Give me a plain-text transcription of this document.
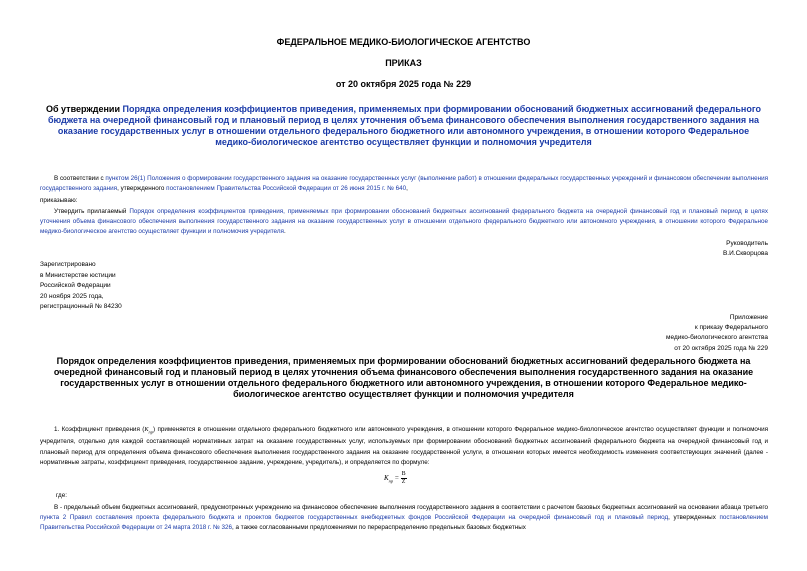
ФЕДЕРАЛЬНОЕ МЕДИКО-БИОЛОГИЧЕСКОЕ АГЕНТСТВО
ПРИКАЗ
от 20 октября 2025 года № 229
Об утверждении Порядка определения коэффициентов приведения, применяемых при формировании обоснований бюджетных ассигнований федерального бюджета на очередной финансовый год и плановый период в целях уточнения объема финансового обеспечения выполнения государственного задания на оказание государственных услуг в отношении отдельного федерального бюджетного или автономного учреждения, в отношении которого Федеральное медико-биологическое агентство осуществляет функции и полномочия учредителя
В соответствии с пунктом 26(1) Положения о формировании государственного задания на оказание государственных услуг (выполнение работ) в отношении федеральных государственных учреждений и финансовом обеспечении выполнения государственного задания, утвержденного постановлением Правительства Российской Федерации от 26 июня 2015 г. № 640,
приказываю:
Утвердить прилагаемый Порядок определения коэффициентов приведения, применяемых при формировании обоснований бюджетных ассигнований федерального бюджета на очередной финансовый год и плановый период в целях уточнения объема финансового обеспечения выполнения государственного задания на оказание государственных услуг в отношении отдельного федерального бюджетного или автономного учреждения, в отношении которого Федеральное медико-биологическое агентство осуществляет функции и полномочия учредителя.
Руководитель
В.И.Скворцова
Зарегистрировано
в Министерстве юстиции
Российской Федерации
20 ноября 2025 года,
регистрационный № 84230
Приложение
к приказу Федерального
медико-биологического агентства
от 20 октября 2025 года № 229
Порядок определения коэффициентов приведения, применяемых при формировании обоснований бюджетных ассигнований федерального бюджета на очередной финансовый год и плановый период в целях уточнения объема финансового обеспечения выполнения государственного задания на оказание государственных услуг в отношении отдельного федерального бюджетного или автономного учреждения, в отношении которого Федеральное медико-биологическое агентство осуществляет функции и полномочия учредителя
1. Коэффициент приведения $(К_{пр})$ применяется в отношении отдельного федерального бюджетного или автономного учреждения, в отношении которого Федеральное медико-биологическое агентство осуществляет функции и полномочия учредителя, отдельно для каждой составляющей нормативных затрат на оказание государственных услуг, используемых при формировании обоснований бюджетных ассигнований федерального бюджета на очередной финансовый год и плановый период для определения объема финансового обеспечения выполнения государственного задания на оказание государственной услуги, в отношении которых имеется необходимость изменения соответствующих значений (далее - нормативные затраты, коэффициент приведения, государственное задание, учреждение, учредитель), и определяется по формуле:
$К_{пр} = \frac{В}{Z}$
где:
В - предельный объем бюджетных ассигнований, предусмотренных учреждению на финансовое обеспечение выполнения государственного задания в соответствии с расчетом базовых бюджетных ассигнований на основании абзаца третьего пункта 2 Правил составления проекта федерального бюджета и проектов бюджетов государственных внебюджетных фондов Российской Федерации на очередной финансовый год и плановый период, утвержденных постановлением Правительства Российской Федерации от 24 марта 2018 г. № 326, а также согласованными предложениями по перераспределению предельных базовых бюджетных
